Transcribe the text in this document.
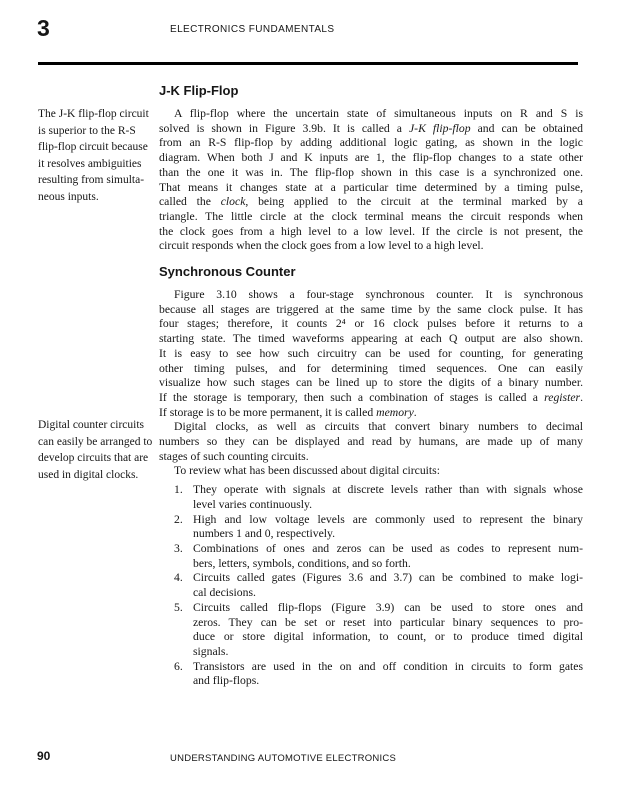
3	ELECTRONICS FUNDAMENTALS
The J-K flip-flop circuit
is superior to the R-S
flip-flop circuit because
it resolves ambiguities
resulting from simulta-
neous inputs.
Digital counter circuits
can easily be arranged to
develop circuits that are
used in digital clocks.
J-K Flip-Flop
A flip-flop where the uncertain state of simultaneous inputs on R and S is
solved is shown in Figure 3.9b. It is called a J-K flip-flop and can be obtained
from an R-S flip-flop by adding additional logic gating, as shown in the logic
diagram. When both J and K inputs are 1, the flip-flop changes to a state other
than the one it was in. The flip-flop shown in this case is a synchronized one.
That means it changes state at a particular time determined by a timing pulse,
called the clock, being applied to the circuit at the terminal marked by a
triangle. The little circle at the clock terminal means the circuit responds when
the clock goes from a high level to a low level. If the circle is not present, the
circuit responds when the clock goes from a low level to a high level.
Synchronous Counter
Figure 3.10 shows a four-stage synchronous counter. It is synchronous
because all stages are triggered at the same time by the same clock pulse. It has
four stages; therefore, it counts 2⁴ or 16 clock pulses before it returns to a
starting state. The timed waveforms appearing at each Q output are also shown.
It is easy to see how such circuitry can be used for counting, for generating
other timing pulses, and for determining timed sequences. One can easily
visualize how such stages can be lined up to store the digits of a binary number.
If the storage is temporary, then such a combination of stages is called a register.
If storage is to be more permanent, it is called memory.
Digital clocks, as well as circuits that convert binary numbers to decimal
numbers so they can be displayed and read by humans, are made up of many
stages of such counting circuits.
To review what has been discussed about digital circuits:
1. They operate with signals at discrete levels rather than with signals whose
level varies continuously.
2. High and low voltage levels are commonly used to represent the binary
numbers 1 and 0, respectively.
3. Combinations of ones and zeros can be used as codes to represent num-
bers, letters, symbols, conditions, and so forth.
4. Circuits called gates (Figures 3.6 and 3.7) can be combined to make logi-
cal decisions.
5. Circuits called flip-flops (Figure 3.9) can be used to store ones and
zeros. They can be set or reset into particular binary sequences to pro-
duce or store digital information, to count, or to produce timed digital
signals.
6. Transistors are used in the on and off condition in circuits to form gates
and flip-flops.
90	UNDERSTANDING AUTOMOTIVE ELECTRONICS
